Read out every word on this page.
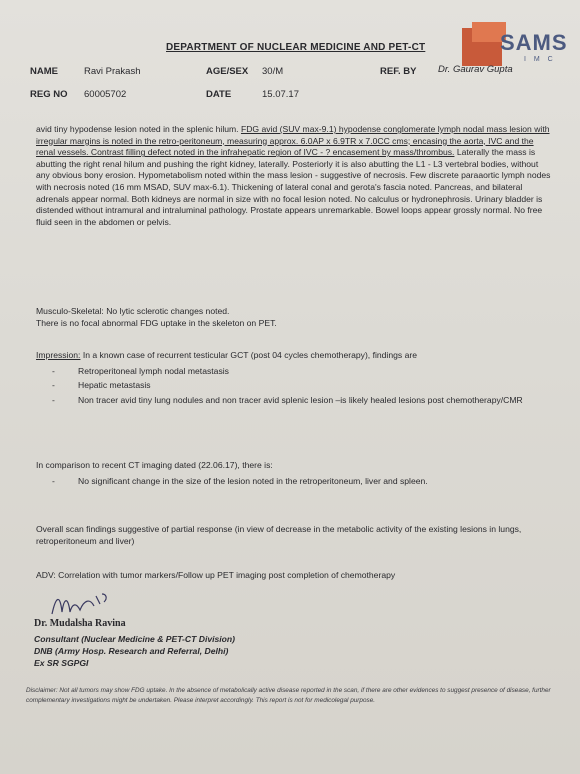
SAMS
I M C
DEPARTMENT OF NUCLEAR MEDICINE AND PET-CT
NAME	Ravi Prakash	AGE/SEX 30/M	REF. BY Dr. Gaurav Gupta
REG NO 60005702	DATE	15.07.17
avid tiny hypodense lesion noted in the splenic hilum. FDG avid (SUV max-9.1) hypodense conglomerate lymph nodal mass lesion with irregular margins is noted in the retro-peritoneum, measuring approx. 6.0AP x 6.9TR x 7.0CC cms; encasing the aorta, IVC and the renal vessels. Contrast filling defect noted in the infrahepatic region of IVC - ? encasement by mass/thrombus. Laterally the mass is abutting the right renal hilum and pushing the right kidney, laterally. Posteriorly it is also abutting the L1 - L3 vertebral bodies, without any obvious bony erosion. Hypometabolism noted within the mass lesion - suggestive of necrosis. Few discrete paraaortic lymph nodes with necrosis noted (16 mm MSAD, SUV max-6.1). Thickening of lateral conal and gerota's fascia noted. Pancreas, and bilateral adrenals appear normal. Both kidneys are normal in size with no focal lesion noted. No calculus or hydronephrosis. Urinary bladder is distended without intramural and intraluminal pathology. Prostate appears unremarkable. Bowel loops appear grossly normal. No free fluid seen in the abdomen or pelvis.
Musculo-Skeletal: No lytic sclerotic changes noted.
There is no focal abnormal FDG uptake in the skeleton on PET.
Impression: In a known case of recurrent testicular GCT (post 04 cycles chemotherapy), findings are
- Retroperitoneal lymph nodal metastasis
- Hepatic metastasis
- Non tracer avid tiny lung nodules and non tracer avid splenic lesion –is likely healed lesions post chemotherapy/CMR
In comparison to recent CT imaging dated (22.06.17), there is:
- No significant change in the size of the lesion noted in the retroperitoneum, liver and spleen.
Overall scan findings suggestive of partial response (in view of decrease in the metabolic activity of the existing lesions in lungs, retroperitoneum and liver)
ADV: Correlation with tumor markers/Follow up PET imaging post completion of chemotherapy
Dr. Mudalsha Ravina
Consultant (Nuclear Medicine & PET-CT Division)
DNB (Army Hosp. Research and Referral, Delhi)
Ex SR SGPGI
Disclaimer: Not all tumors may show FDG uptake. In the absence of metabolically active disease reported in the scan, if there are other evidences to suggest presence of disease, further complementary investigations might be undertaken. Please interpret accordingly. This report is not for medicolegal purpose.
